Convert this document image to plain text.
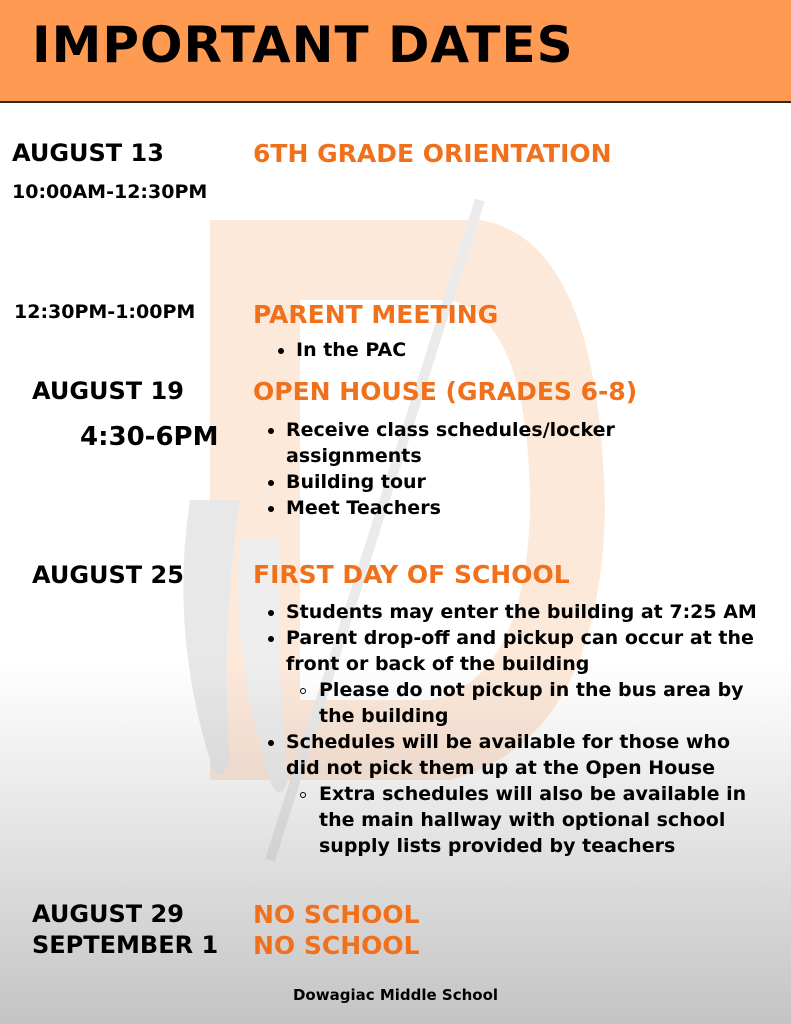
IMPORTANT DATES
AUGUST 13
10:00AM-12:30PM
6TH GRADE ORIENTATION
12:30PM-1:00PM PARENT MEETING
In the PAC
AUGUST 19
4:30-6PM
OPEN HOUSE (GRADES 6-8)
Receive class schedules/locker
assignments
Building tour
Meet Teachers
AUGUST 25	FIRST DAY OF SCHOOL
Students may enter the building at 7:25 AM
Parent drop-off and pickup can occur at the
front or back of the building
Please do not pickup in the bus area by
the building
Schedules will be available for those who
did not pick them up at the Open House
Extra schedules will also be available in
the main hallway with optional school
supply lists provided by teachers
AUGUST 29	NO SCHOOL
SEPTEMBER 1 NO SCHOOL
Dowagiac Middle School
